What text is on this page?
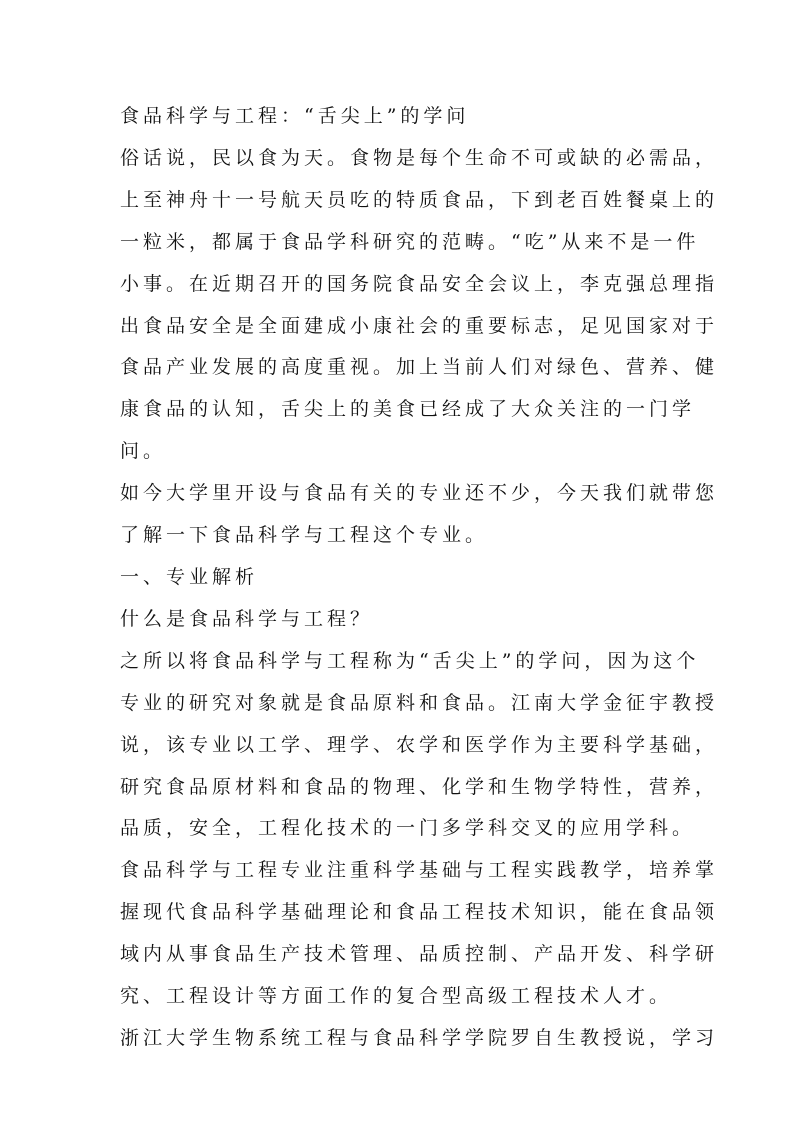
食品科学与工程：“舌尖上”的学问
俗话说，民以食为天。食物是每个生命不可或缺的必需品，
上至神舟十一号航天员吃的特质食品，下到老百姓餐桌上的
一粒米，都属于食品学科研究的范畴。“吃”从来不是一件
小事。在近期召开的国务院食品安全会议上，李克强总理指
出食品安全是全面建成小康社会的重要标志，足见国家对于
食品产业发展的高度重视。加上当前人们对绿色、营养、健
康食品的认知，舌尖上的美食已经成了大众关注的一门学问。
如今大学里开设与食品有关的专业还不少，今天我们就带您
了解一下食品科学与工程这个专业。
一、专业解析
什么是食品科学与工程？
之所以将食品科学与工程称为“舌尖上”的学问，因为这个
专业的研究对象就是食品原料和食品。江南大学金征宇教授
说，该专业以工学、理学、农学和医学作为主要科学基础，
研究食品原材料和食品的物理、化学和生物学特性，营养，
品质，安全，工程化技术的一门多学科交叉的应用学科。
食品科学与工程专业注重科学基础与工程实践教学，培养掌
握现代食品科学基础理论和食品工程技术知识，能在食品领
域内从事食品生产技术管理、品质控制、产品开发、科学研
究、工程设计等方面工作的复合型高级工程技术人才。
浙江大学生物系统工程与食品科学学院罗自生教授说，学习
